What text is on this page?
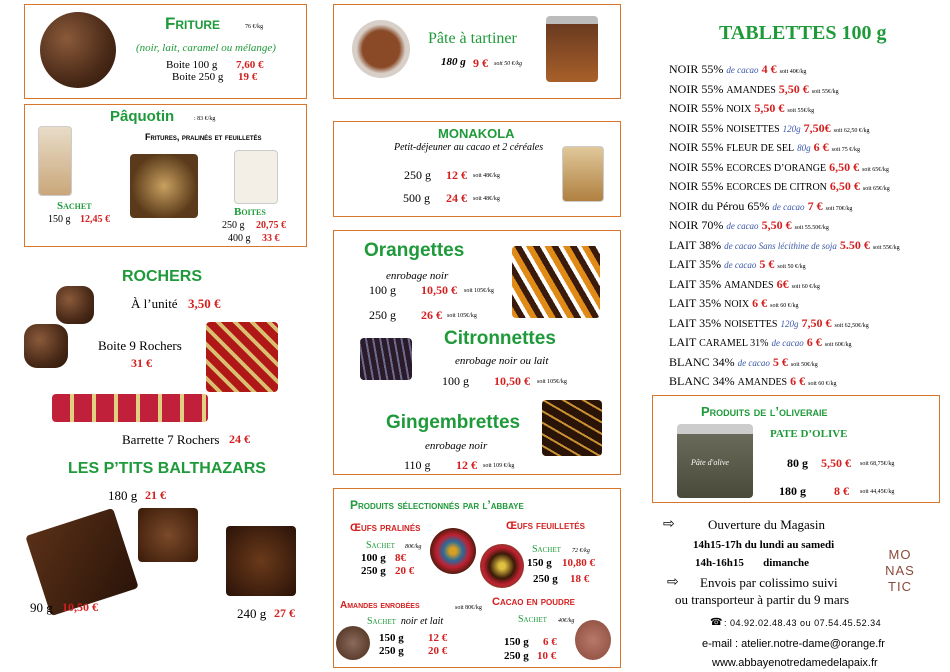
Friture	76 €/kg
(noir, lait, caramel ou mélange)
Boite 100 g 7,60 €
Boite 250 g 19 €
Pâquotin	: 83 €/kg
Fritures, pralinés et feuilletés
Sachet
150 g 12,45 €
Boites
250 g 20,75 €
400 g 33 €
ROCHERS
À l’unité 3,50 €
Boite 9 Rochers
31 €
Barrette 7 Rochers 24 €
LES P’TITS BALTHAZARS
180 g 21 €
90 g 10,50 €	240 g 27 €
Pâte à tartiner
180 g 9 € soit 50 €/kg
MONAKOLA
Petit-déjeuner au cacao et 2 céréales
250 g 12 € soit 48€/kg
500 g 24 € soit 48€/kg
Orangettes
enrobage noir
100 g 10,50 € soit 105€/kg
250 g 26 € soit 105€/kg
Citronnettes
enrobage noir ou lait
100 g 10,50 € soit 105€/kg
Gingembrettes
enrobage noir
110 g 12 € soit 109 €/kg
Produits sélectionnés par l’abbaye
Œufs pralinés
Sachet 80€/kg
100 g 8€
250 g 20 €
Œufs feuilletés
Sachet 72 €/kg
150 g 10,80 €
250 g 18 €
Amandes enrobées	soit 80€/kg
Sachet noir et lait
150 g 12 €
250 g 20 €
Cacao en poudre
Sachet 40€/kg
150 g 6 €
250 g 10 €
TABLETTES 100 g
NOIR 55% de cacao 4 € soit 40€/kg
NOIR 55% AMANDES 5,50 € soit 55€/kg
NOIR 55% NOIX 5,50 € soit 55€/kg
NOIR 55% NOISETTES 120g 7,50€ soit 62,50 €/kg
NOIR 55% FLEUR DE SEL 80g 6 € soit 75 €/kg
NOIR 55% ECORCES D’ORANGE 6,50 € soit 65€/kg
NOIR 55% ECORCES DE CITRON 6,50 € soit 65€/kg
NOIR du Pérou 65% de cacao 7 € soit 70€/kg
NOIR 70% de cacao 5,50 € soit 55.50€/kg
LAIT 38% de cacao Sans lécithine de soja 5.50 € soit 55€/kg
LAIT 35% de cacao 5 € soit 50 €/kg
LAIT 35% AMANDES 6€ soit 60 €/kg
LAIT 35% NOIX 6 € soit 60 €/kg
LAIT 35% NOISETTES 120g 7,50 € soit 62,50€/kg
LAIT CARAMEL 31% de cacao 6 € soit 60€/kg
BLANC 34% de cacao 5 € soit 50€/kg
BLANC 34% AMANDES 6 € soit 60 €/kg
Produits de l’oliveraie
PATE D’OLIVE
Pâte d'olive	80 g 5,50 € soit 68,75€/kg
180 g 8 € soit 44,45€/kg
⇨	Ouverture du Magasin
14h15-17h du lundi au samedi
14h-16h15       dimanche
⇨ Envois par colissimo suivi
ou transporteur à partir du 9 mars
MO
NAS
TIC
☎ : 04.92.02.48.43 ou 07.54.45.52.34
e-mail : atelier.notre-dame@orange.fr
www.abbayenotredamedelapaix.fr
